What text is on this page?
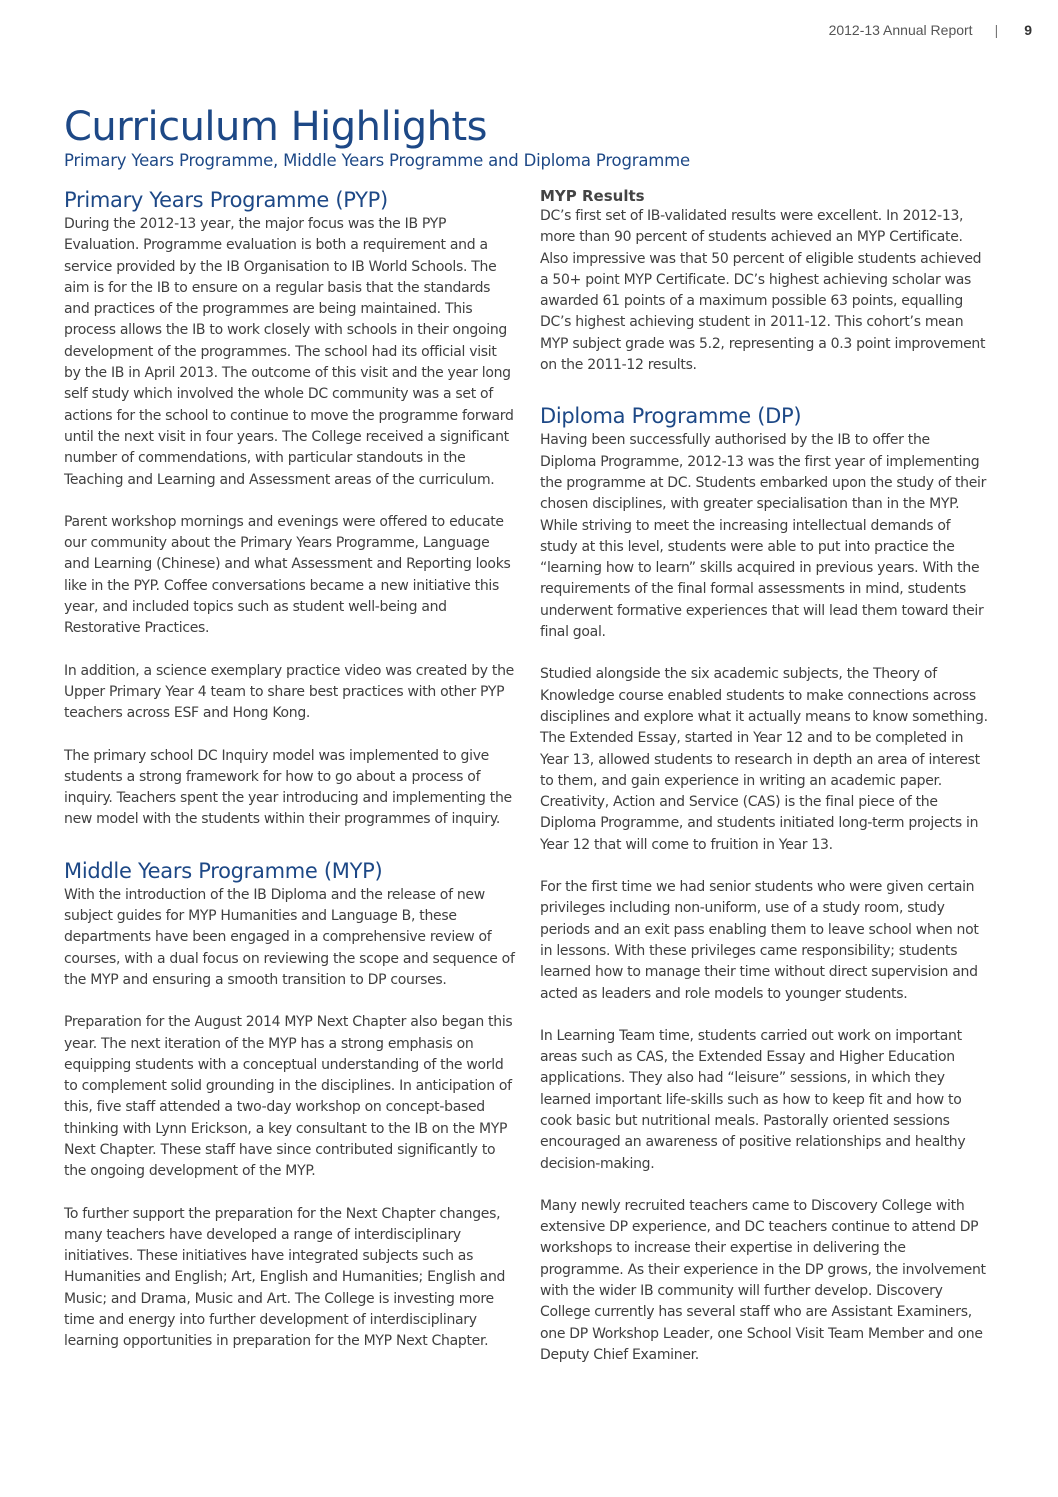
2012-13 Annual Report | 9
Curriculum Highlights
Primary Years Programme, Middle Years Programme and Diploma Programme
Primary Years Programme (PYP)

During the 2012-13 year, the major focus was the IB PYP Evaluation. Programme evaluation is both a requirement and a service provided by the IB Organisation to IB World Schools. The aim is for the IB to ensure on a regular basis that the standards and practices of the programmes are being maintained. This process allows the IB to work closely with schools in their ongoing development of the programmes. The school had its official visit by the IB in April 2013. The outcome of this visit and the year long self study which involved the whole DC community was a set of actions for the school to continue to move the programme forward until the next visit in four years. The College received a significant number of commendations, with particular standouts in the Teaching and Learning and Assessment areas of the curriculum.

Parent workshop mornings and evenings were offered to educate our community about the Primary Years Programme, Language and Learning (Chinese) and what Assessment and Reporting looks like in the PYP. Coffee conversations became a new initiative this year, and included topics such as student well-being and Restorative Practices.

In addition, a science exemplary practice video was created by the Upper Primary Year 4 team to share best practices with other PYP teachers across ESF and Hong Kong.

The primary school DC Inquiry model was implemented to give students a strong framework for how to go about a process of inquiry. Teachers spent the year introducing and implementing the new model with the students within their programmes of inquiry.

Middle Years Programme (MYP)

With the introduction of the IB Diploma and the release of new subject guides for MYP Humanities and Language B, these departments have been engaged in a comprehensive review of courses, with a dual focus on reviewing the scope and sequence of the MYP and ensuring a smooth transition to DP courses.

Preparation for the August 2014 MYP Next Chapter also began this year. The next iteration of the MYP has a strong emphasis on equipping students with a conceptual understanding of the world to complement solid grounding in the disciplines. In anticipation of this, five staff attended a two-day workshop on concept-based thinking with Lynn Erickson, a key consultant to the IB on the MYP Next Chapter. These staff have since contributed significantly to the ongoing development of the MYP.

To further support the preparation for the Next Chapter changes, many teachers have developed a range of interdisciplinary initiatives. These initiatives have integrated subjects such as Humanities and English; Art, English and Humanities; English and Music; and Drama, Music and Art. The College is investing more time and energy into further development of interdisciplinary learning opportunities in preparation for the MYP Next Chapter.

MYP Results

DC’s first set of IB-validated results were excellent. In 2012-13, more than 90 percent of students achieved an MYP Certificate. Also impressive was that 50 percent of eligible students achieved a 50+ point MYP Certificate. DC’s highest achieving scholar was awarded 61 points of a maximum possible 63 points, equalling DC’s highest achieving student in 2011-12. This cohort’s mean MYP subject grade was 5.2, representing a 0.3 point improvement on the 2011-12 results.

Diploma Programme (DP)

Having been successfully authorised by the IB to offer the Diploma Programme, 2012-13 was the first year of implementing the programme at DC. Students embarked upon the study of their chosen disciplines, with greater specialisation than in the MYP. While striving to meet the increasing intellectual demands of study at this level, students were able to put into practice the “learning how to learn” skills acquired in previous years. With the requirements of the final formal assessments in mind, students underwent formative experiences that will lead them toward their final goal.

Studied alongside the six academic subjects, the Theory of Knowledge course enabled students to make connections across disciplines and explore what it actually means to know something. The Extended Essay, started in Year 12 and to be completed in Year 13, allowed students to research in depth an area of interest to them, and gain experience in writing an academic paper. Creativity, Action and Service (CAS) is the final piece of the Diploma Programme, and students initiated long-term projects in Year 12 that will come to fruition in Year 13.

For the first time we had senior students who were given certain privileges including non-uniform, use of a study room, study periods and an exit pass enabling them to leave school when not in lessons. With these privileges came responsibility; students learned how to manage their time without direct supervision and acted as leaders and role models to younger students.

In Learning Team time, students carried out work on important areas such as CAS, the Extended Essay and Higher Education applications. They also had “leisure” sessions, in which they learned important life-skills such as how to keep fit and how to cook basic but nutritional meals. Pastorally oriented sessions encouraged an awareness of positive relationships and healthy decision-making.

Many newly recruited teachers came to Discovery College with extensive DP experience, and DC teachers continue to attend DP workshops to increase their expertise in delivering the programme. As their experience in the DP grows, the involvement with the wider IB community will further develop. Discovery College currently has several staff who are Assistant Examiners, one DP Workshop Leader, one School Visit Team Member and one Deputy Chief Examiner.
